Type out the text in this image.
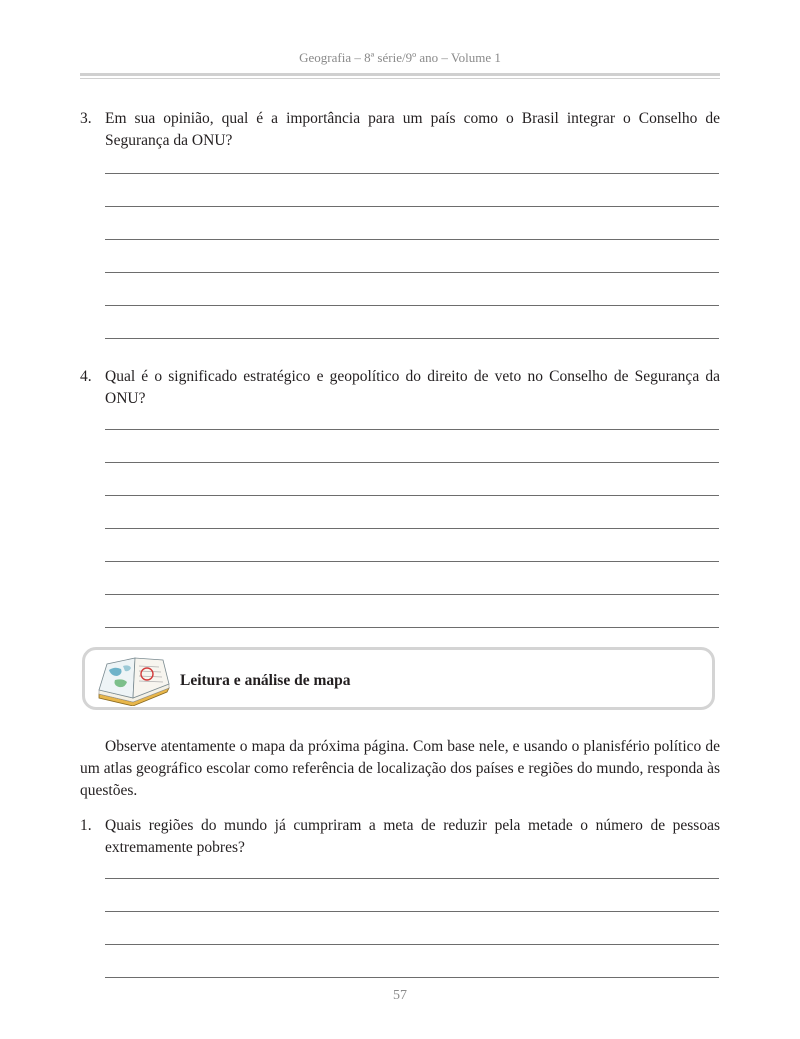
Geografia – 8ª série/9º ano – Volume 1
3. Em sua opinião, qual é a importância para um país como o Brasil integrar o Conselho de Segurança da ONU?
4. Qual é o significado estratégico e geopolítico do direito de veto no Conselho de Segurança da ONU?
Leitura e análise de mapa
Observe atentamente o mapa da próxima página. Com base nele, e usando o planisfério político de um atlas geográfico escolar como referência de localização dos países e regiões do mundo, responda às questões.
1. Quais regiões do mundo já cumpriram a meta de reduzir pela metade o número de pessoas extremamente pobres?
57
